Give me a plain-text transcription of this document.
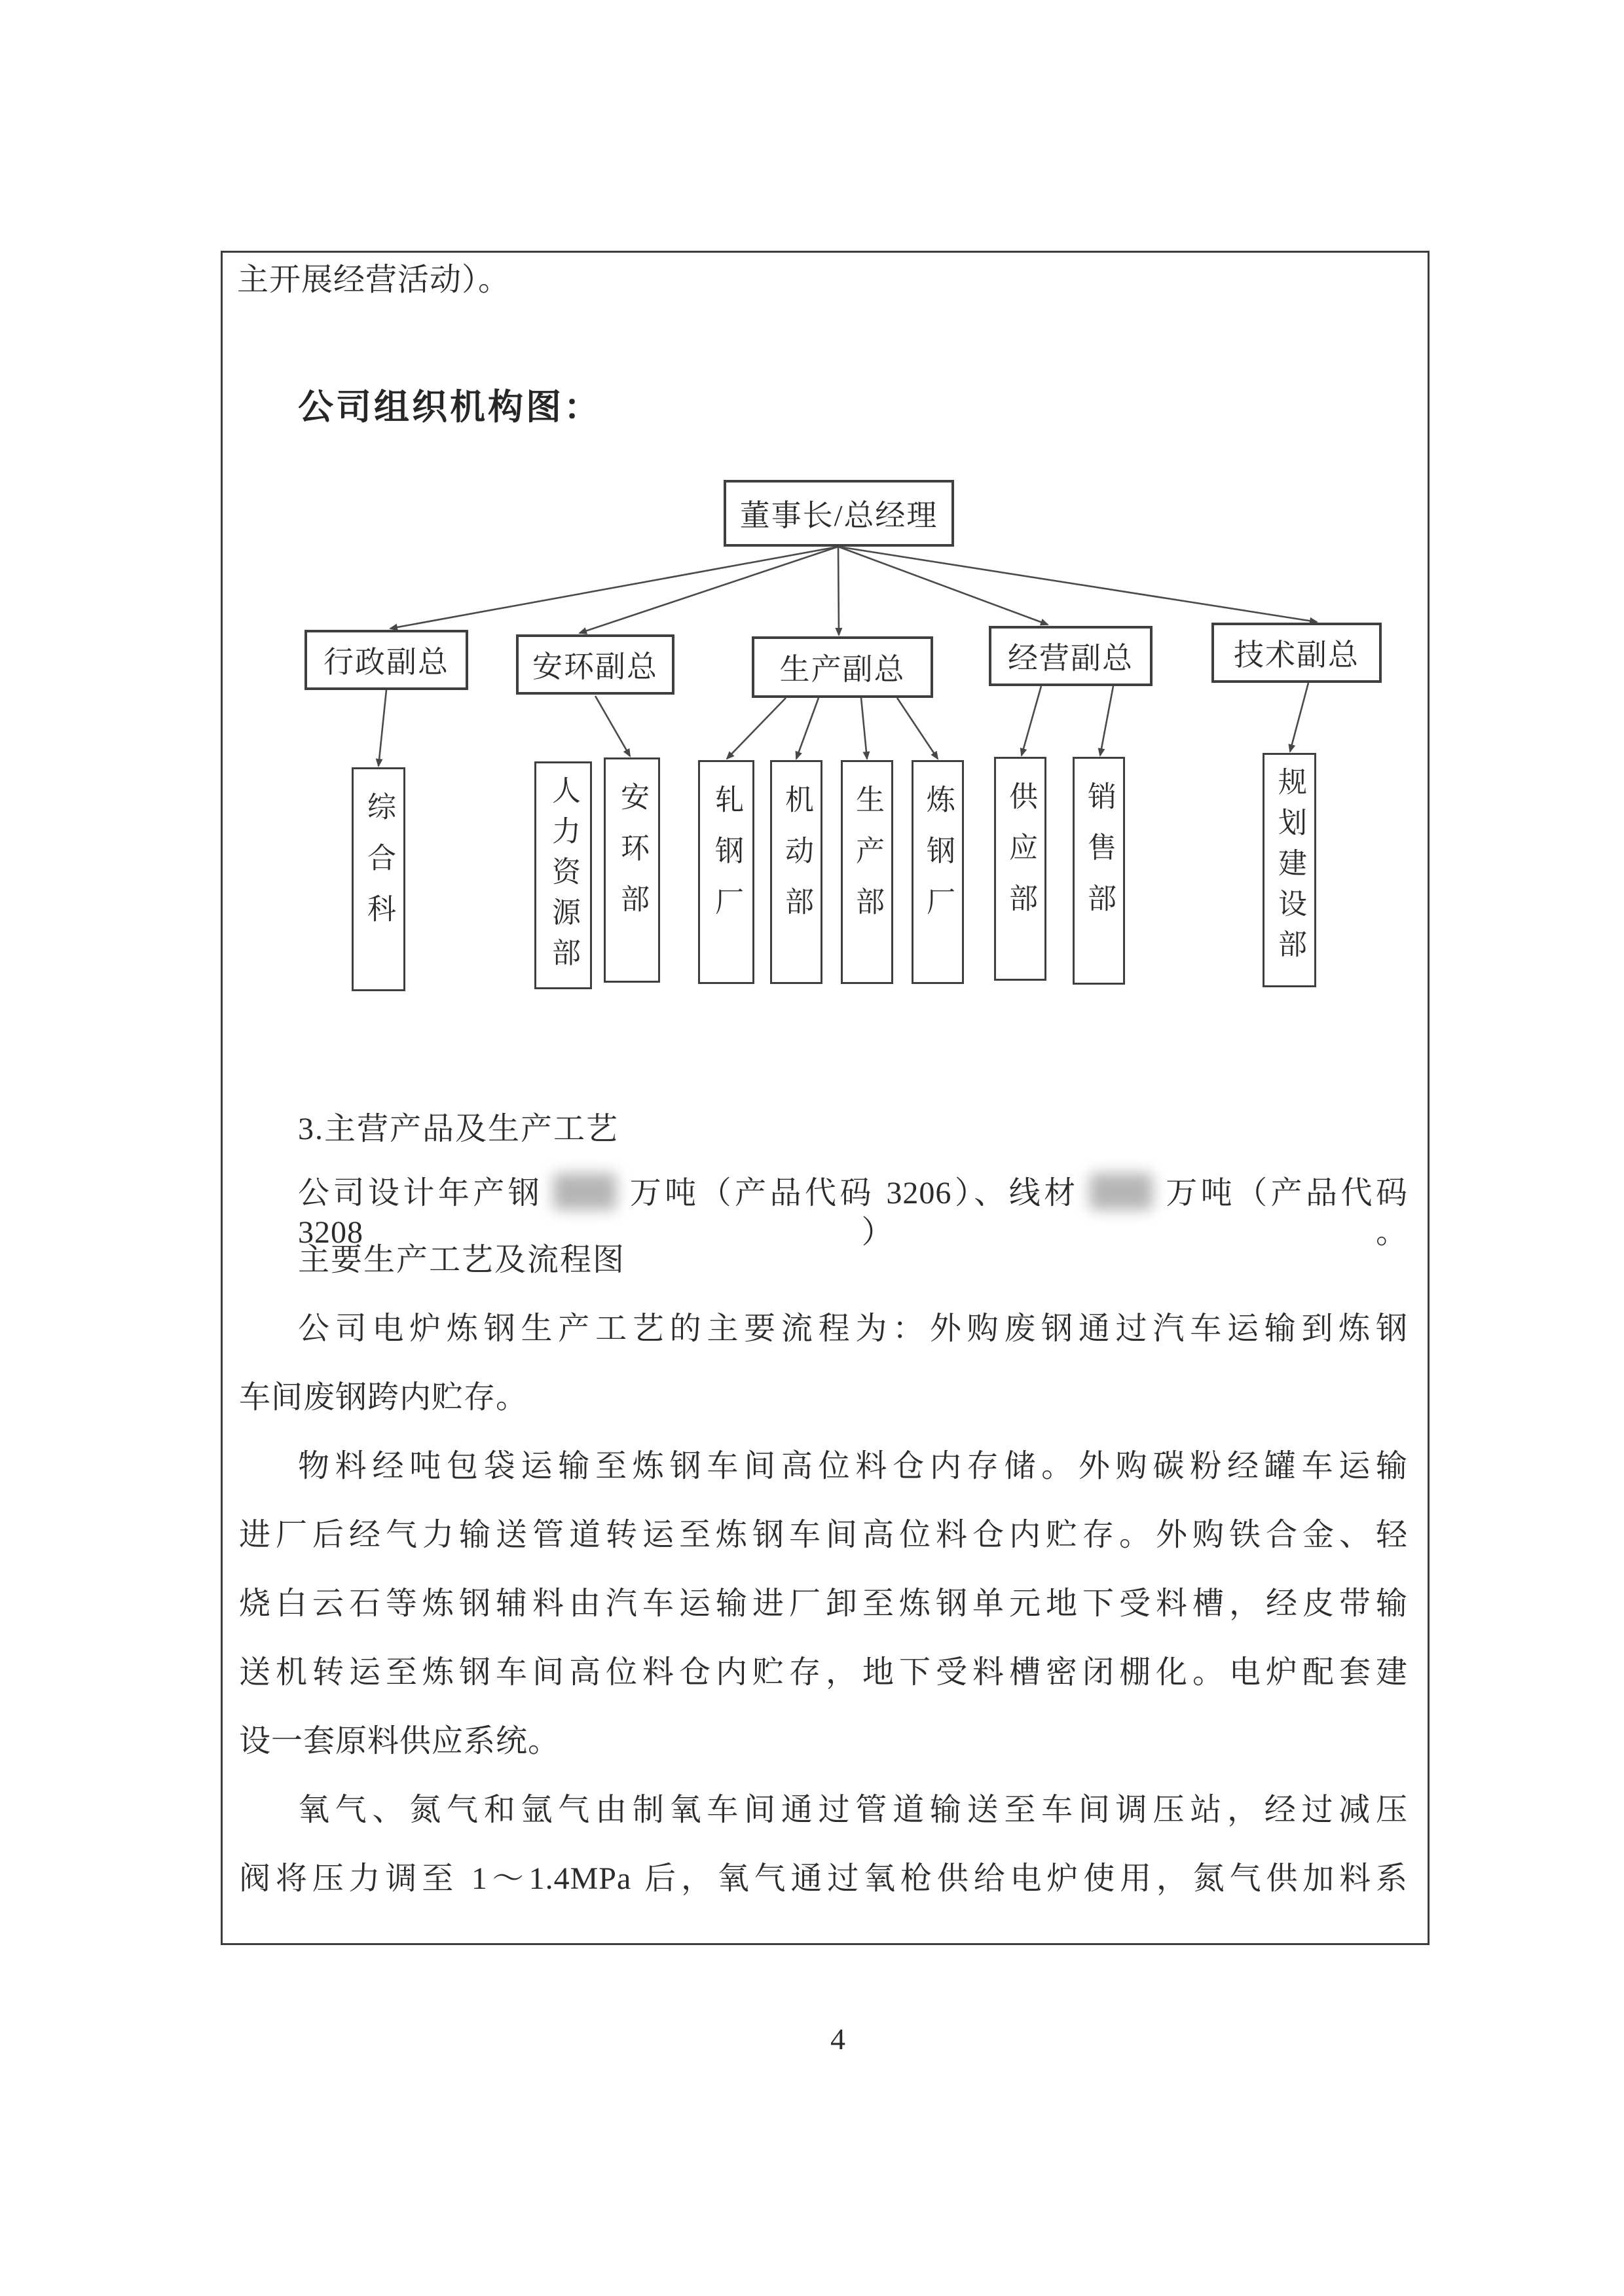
主开展经营活动）。
公司组织机构图：
董事长/总经理
行政副总	安环副总	生产副总	经营副总	技术副总
综合科	人力资源部 安环部 轧钢厂 机动部 生产部 炼钢厂 供应部 销售部	规划建设部
3.主营产品及生产工艺
公司设计年产钢	万吨（产品代码 3206）、线材	万吨（产品代码 3208）。
主要生产工艺及流程图
公司电炉炼钢生产工艺的主要流程为：外购废钢通过汽车运输到炼钢
车间废钢跨内贮存。
物料经吨包袋运输至炼钢车间高位料仓内存储。外购碳粉经罐车运输
进厂后经气力输送管道转运至炼钢车间高位料仓内贮存。外购铁合金、轻
烧白云石等炼钢辅料由汽车运输进厂卸至炼钢单元地下受料槽，经皮带输
送机转运至炼钢车间高位料仓内贮存，地下受料槽密闭棚化。电炉配套建
设一套原料供应系统。
氧气、氮气和氩气由制氧车间通过管道输送至车间调压站，经过减压
阀将压力调至 1～1.4MPa 后，氧气通过氧枪供给电炉使用，氮气供加料系
4
